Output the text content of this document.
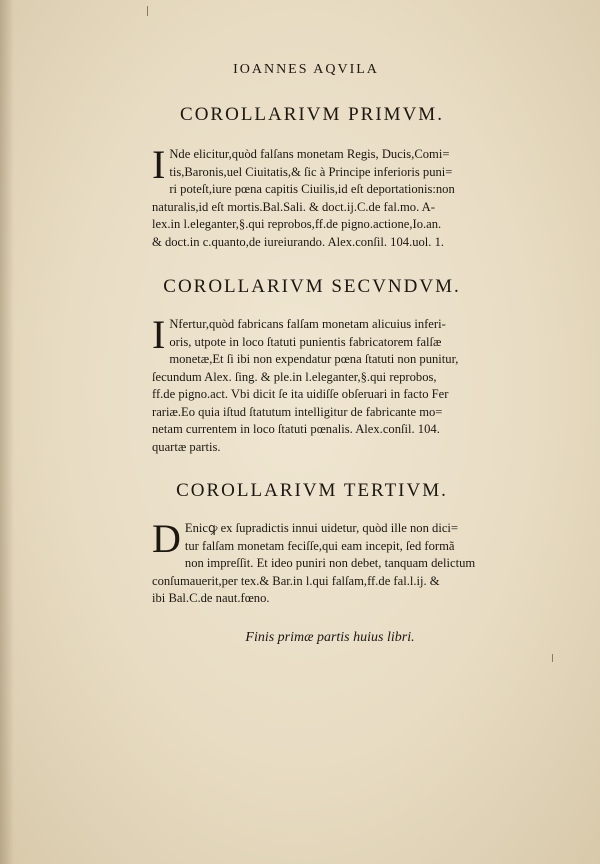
IOANNES AQVILA
COROLLARIVM PRIMVM.
I Nde elicitur,quòd falſans monetam Regis, Ducis,Comi=
tis,Baronis,uel Ciuitatis,& ſic à Principe inferioris puni=
ri poteſt,iure pœna capitis Ciuilis,id eſt deportationis:non
naturalis,id eſt mortis.Bal.Sali. & doct.ij.C.de fal.mo. A-
lex.in l.eleganter,§.qui reprobos,ff.de pigno.actione,Io.an.
& doct.in c.quanto,de iureiurando. Alex.conſil. 104.uol. 1.
COROLLARIVM SECVNDVM.
I Nfertur,quòd fabricans falſam monetam alicuius inferi-
oris, utpote in loco ſtatuti punientis fabricatorem falſæ
monetæ,Et ſi ibi non expendatur pœna ſtatuti non punitur,
ſecundum Alex. ſing. & ple.in l.eleganter,§.qui reprobos,
ff.de pigno.act. Vbi dicit ſe ita uidiſſe obſeruari in facto Fer
rariæ.Eo quia iſtud ſtatutum intelligitur de fabricante mo=
netam currentem in loco ſtatuti pœnalis. Alex.conſil. 104.
quartæ partis.
COROLLARIVM TERTIVM.
D Enicꝙ ex ſupradictis innui uidetur, quòd ille non dici=
tur falſam monetam feciſſe,qui eam incepit, ſed formã
non impreſſit. Et ideo puniri non debet, tanquam delictum
conſumauerit,per tex.& Bar.in l.qui falſam,ff.de fal.l.ij. &
ibi Bal.C.de naut.fœno.
Finis primæ partis huius libri.
